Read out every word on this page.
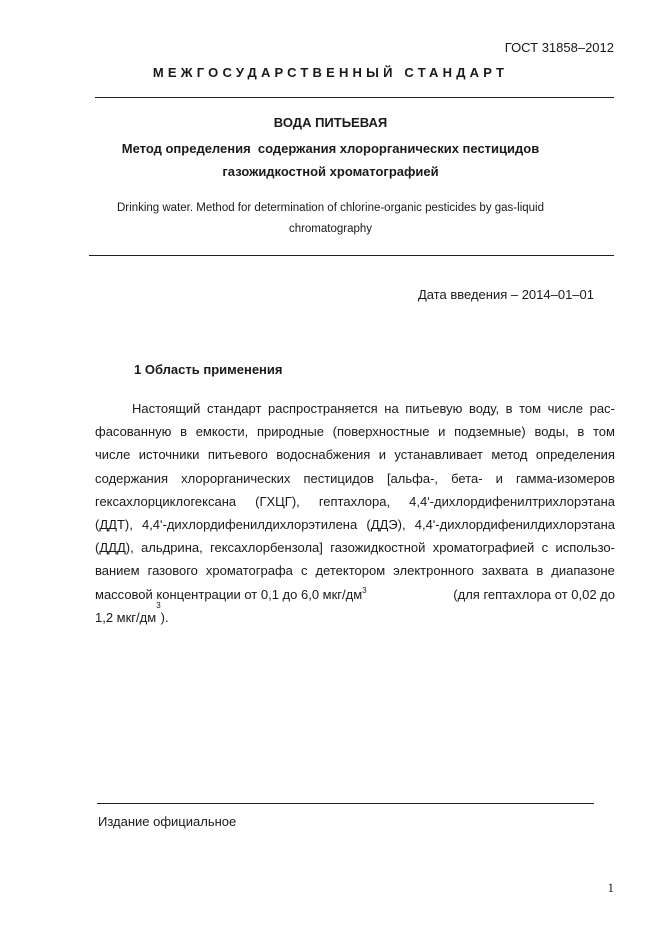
ГОСТ 31858–2012
МЕЖГОСУДАРСТВЕННЫЙ СТАНДАРТ
ВОДА ПИТЬЕВАЯ
Метод определения  содержания хлорорганических пестицидов
газожидкостной хроматографией
Drinking water. Method for determination of chlorine-organic pesticides by gas-liquid
chromatography
Дата введения – 2014–01–01
1 Область применения
Настоящий стандарт распространяется на питьевую воду, в том числе рас-
фасованную в емкости, природные (поверхностные и подземные) воды, в том
числе источники питьевого водоснабжения и устанавливает метод определения
содержания хлорорганических пестицидов [альфа-, бета- и гамма-изомеров
гексахлорциклогексана (ГХЦГ), гептахлора, 4,4ʹ-дихлордифенилтрихлорэтана
(ДДТ), 4,4ʹ-дихлордифенилдихлорэтилена (ДДЭ), 4,4ʹ-дихлордифенилдихлорэтана
(ДДД), альдрина, гексахлорбензола] газожидкостной хроматографией с использо-
ванием газового хроматографа с детектором электронного захвата в диапазоне
массовой концентрации от 0,1 до 6,0 мкг/$дм^3$	(для гептахлора от 0,02 до
1,2 мкг/дм
3
).
Издание официальное
1
